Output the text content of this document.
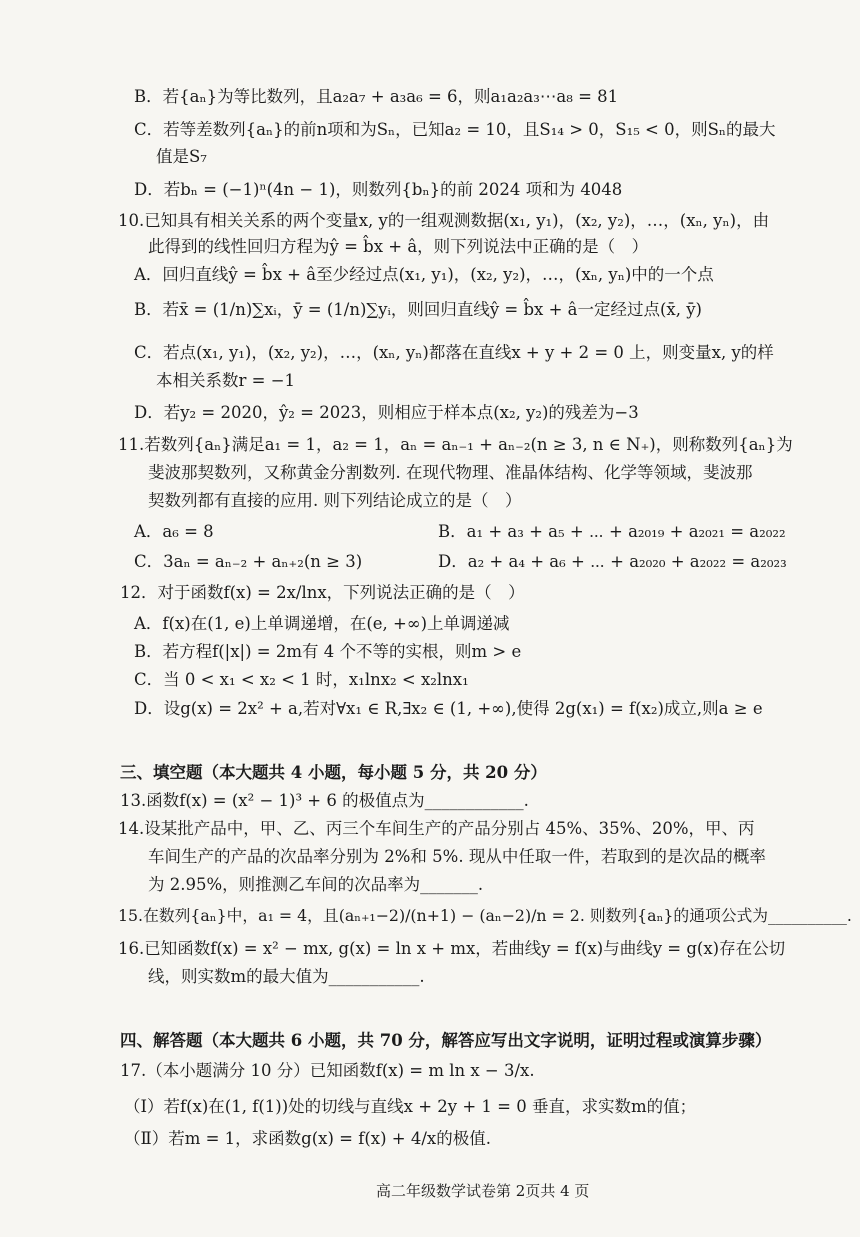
B．若{aₙ}为等比数列，且a₂a₇ + a₃a₆ = 6，则a₁a₂a₃⋯a₈ = 81
C．若等差数列{aₙ}的前n项和为Sₙ，已知a₂ = 10，且S₁₄ > 0，S₁₅ < 0，则Sₙ的最大
值是S₇
D．若bₙ = (−1)ⁿ(4n − 1)，则数列{bₙ}的前 2024 项和为 4048
10.已知具有相关关系的两个变量x, y的一组观测数据(x₁, y₁)，(x₂, y₂)，…，(xₙ, yₙ)，由
此得到的线性回归方程为ŷ = b̂x + â，则下列说法中正确的是（　）
A．回归直线ŷ = b̂x + â至少经过点(x₁, y₁)，(x₂, y₂)，…，(xₙ, yₙ)中的一个点
B．若x̄ = (1/n)∑xᵢ，ȳ = (1/n)∑yᵢ，则回归直线ŷ = b̂x + â一定经过点(x̄, ȳ)
C．若点(x₁, y₁)，(x₂, y₂)，…，(xₙ, yₙ)都落在直线x + y + 2 = 0 上，则变量x, y的样
本相关系数r = −1
D．若y₂ = 2020，ŷ₂ = 2023，则相应于样本点(x₂, y₂)的残差为−3
11.若数列{aₙ}满足a₁ = 1，a₂ = 1，aₙ = aₙ₋₁ + aₙ₋₂(n ≥ 3, n ∈ N₊)，则称数列{aₙ}为
斐波那契数列，又称黄金分割数列. 在现代物理、准晶体结构、化学等领域，斐波那
契数列都有直接的应用. 则下列结论成立的是（　）
A．a₆ = 8	B．a₁ + a₃ + a₅ + ⋯ + a₂₀₁₉ + a₂₀₂₁ = a₂₀₂₂
C．3aₙ = aₙ₋₂ + aₙ₊₂(n ≥ 3)	D．a₂ + a₄ + a₆ + ⋯ + a₂₀₂₀ + a₂₀₂₂ = a₂₀₂₃
12．对于函数f(x) = 2x/lnx，下列说法正确的是（　）
A．f(x)在(1, e)上单调递增，在(e, +∞)上单调递减
B．若方程f(|x|) = 2m有 4 个不等的实根，则m > e
C．当 0 < x₁ < x₂ < 1 时，x₁lnx₂ < x₂lnx₁
D．设g(x) = 2x² + a,若对∀x₁ ∈ R,∃x₂ ∈ (1, +∞),使得 2g(x₁) = f(x₂)成立,则a ≥ e
三、填空题（本大题共 4 小题，每小题 5 分，共 20 分）
13.函数f(x) = (x² − 1)³ + 6 的极值点为____________.
14.设某批产品中，甲、乙、丙三个车间生产的产品分别占 45%、35%、20%，甲、丙
车间生产的产品的次品率分别为 2%和 5%. 现从中任取一件，若取到的是次品的概率
为 2.95%，则推测乙车间的次品率为_______.
15.在数列{aₙ}中，a₁ = 4，且(aₙ₊₁−2)/(n+1) − (aₙ−2)/n = 2. 则数列{aₙ}的通项公式为__________.
16.已知函数f(x) = x² − mx, g(x) = ln x + mx，若曲线y = f(x)与曲线y = g(x)存在公切
线，则实数m的最大值为___________.
四、解答题（本大题共 6 小题，共 70 分，解答应写出文字说明，证明过程或演算步骤）
17.（本小题满分 10 分）已知函数f(x) = m ln x − 3/x.
（Ⅰ）若f(x)在(1, f(1))处的切线与直线x + 2y + 1 = 0 垂直，求实数m的值；
（Ⅱ）若m = 1，求函数g(x) = f(x) + 4/x的极值.
高二年级数学试卷第 2页共 4 页
